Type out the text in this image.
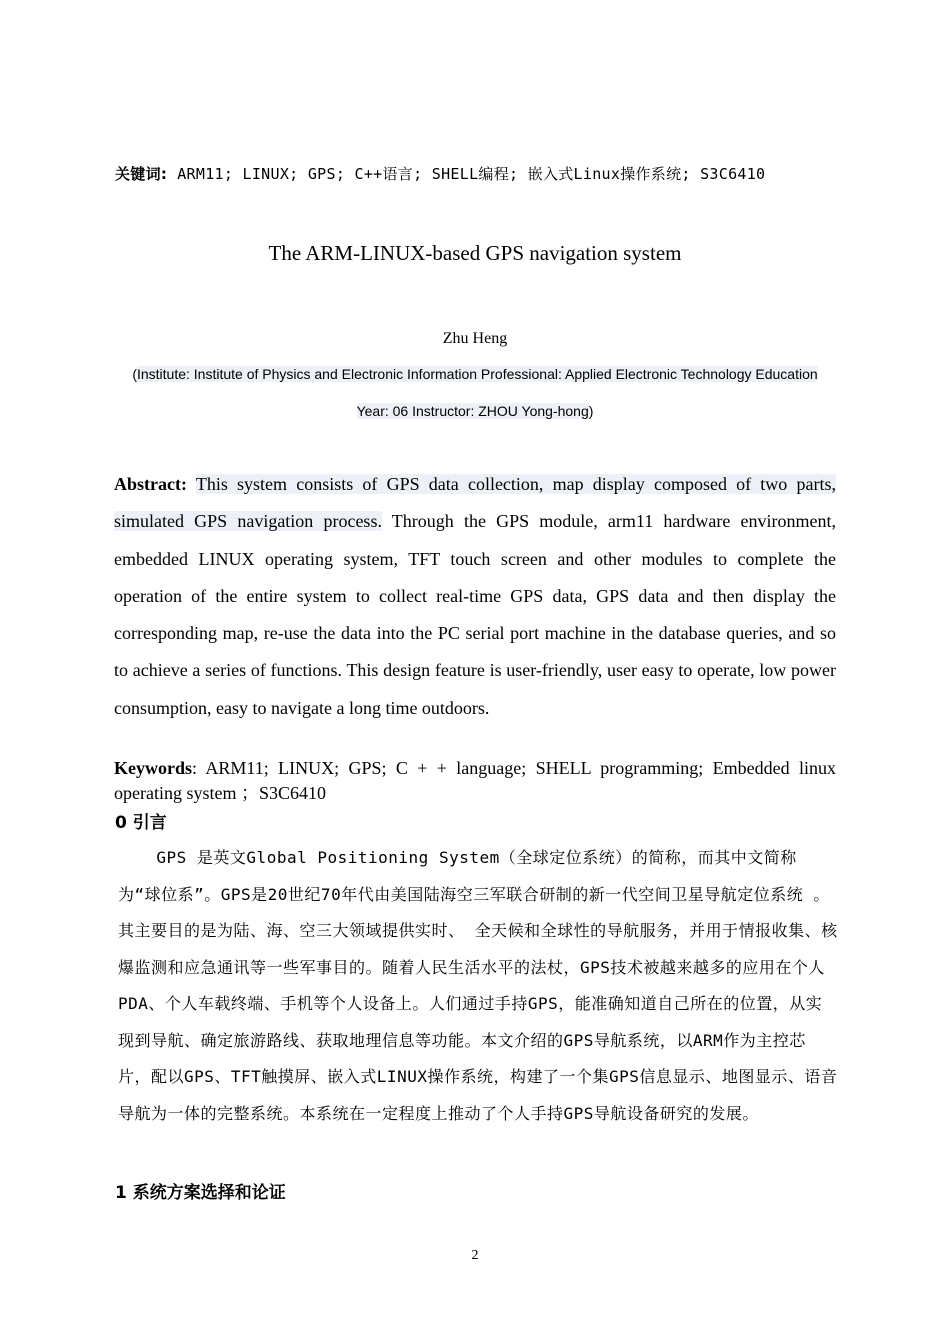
关键词: ARM11; LINUX; GPS; C++语言; SHELL编程; 嵌入式Linux操作系统; S3C6410
The ARM-LINUX-based GPS navigation system
Zhu Heng
(Institute: Institute of Physics and Electronic Information Professional: Applied Electronic Technology Education
Year: 06 Instructor: ZHOU Yong-hong)
Abstract: This system consists of GPS data collection, map display composed of two parts, simulated GPS navigation process. Through the GPS module, arm11 hardware environment, embedded LINUX operating system, TFT touch screen and other modules to complete the operation of the entire system to collect real-time GPS data, GPS data and then display the corresponding map, re-use the data into the PC serial port machine in the database queries, and so to achieve a series of functions. This design feature is user-friendly, user easy to operate, low power consumption, easy to navigate a long time outdoors.
Keywords: ARM11; LINUX; GPS; C + + language; SHELL programming; Embedded linux operating system ；S3C6410
0 引言

GPS 是英文Global Positioning System（全球定位系统）的简称，而其中文简称为“球位系”。GPS是20世纪70年代由美国陆海空三军联合研制的新一代空间卫星导航定位系统 。其主要目的是为陆、海、空三大领域提供实时、 全天候和全球性的导航服务，并用于情报收集、核爆监测和应急通讯等一些军事目的。随着人民生活水平的法杖，GPS技术被越来越多的应用在个人PDA、个人车载终端、手机等个人设备上。人们通过手持GPS，能准确知道自己所在的位置，从实现到导航、确定旅游路线、获取地理信息等功能。本文介绍的GPS导航系统，以ARM作为主控芯片，配以GPS、TFT触摸屏、嵌入式LINUX操作系统，构建了一个集GPS信息显示、地图显示、语音导航为一体的完整系统。本系统在一定程度上推动了个人手持GPS导航设备研究的发展。

1 系统方案选择和论证
2
